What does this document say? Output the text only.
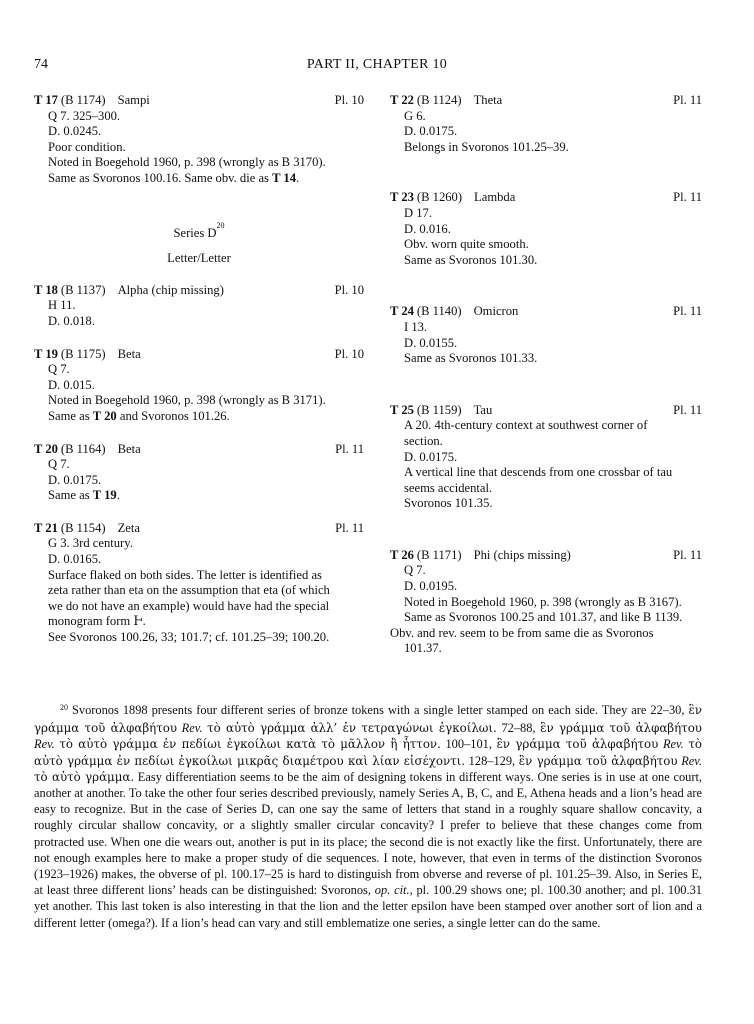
74	PART II, CHAPTER 10
T 17 (B 1174) Sampi	Pl. 10
Q 7. 325–300.
D. 0.0245.
Poor condition.
Noted in Boegehold 1960, p. 398 (wrongly as B 3170).
Same as Svoronos 100.16. Same obv. die as T 14.
Series $D^{20}$
Letter/Letter
T 18 (B 1137) Alpha (chip missing)	Pl. 10
H 11.
D. 0.018.
T 19 (B 1175) Beta	Pl. 10
Q 7.
D. 0.015.
Noted in Boegehold 1960, p. 398 (wrongly as B 3171).
Same as T 20 and Svoronos 101.26.
T 20 (B 1164) Beta	Pl. 11
Q 7.
D. 0.0175.
Same as T 19.
T 21 (B 1154) Zeta	Pl. 11
G 3. 3rd century.
D. 0.0165.
Surface flaked on both sides. The letter is identified as
zeta rather than eta on the assumption that eta (of which
we do not have an example) would have had the special
monogram form Ͱ.
See Svoronos 100.26, 33; 101.7; cf. 101.25–39; 100.20.
T 22 (B 1124) Theta	Pl. 11
G 6.
D. 0.0175.
Belongs in Svoronos 101.25–39.
T 23 (B 1260) Lambda	Pl. 11
D 17.
D. 0.016.
Obv. worn quite smooth.
Same as Svoronos 101.30.
T 24 (B 1140) Omicron	Pl. 11
I 13.
D. 0.0155.
Same as Svoronos 101.33.
T 25 (B 1159) Tau	Pl. 11
A 20. 4th-century context at southwest corner of
section.
D. 0.0175.
A vertical line that descends from one crossbar of tau
seems accidental.
Svoronos 101.35.
T 26 (B 1171) Phi (chips missing)	Pl. 11
Q 7.
D. 0.0195.
Noted in Boegehold 1960, p. 398 (wrongly as B 3167).
Same as Svoronos 100.25 and 101.37, and like B 1139.
Obv. and rev. seem to be from same die as Svoronos
101.37.

$^{20}$ Svoronos 1898 presents four different series of bronze tokens with a single letter stamped on each side. They are 22–30, ἓν γράμμα τοῦ ἀλφαβήτου Rev. τὸ αὐτὸ γράμμα ἀλλ’ ἐν τετραγώνωι ἐγκοίλωι. 72–88, ἓν γράμμα τοῦ ἀλφαβήτου Rev. τὸ αὐτὸ γράμμα ἐν πεδίωι ἐγκοίλωι κατὰ τὸ μᾶλλον ἢ ἧττον. 100–101, ἓν γράμμα τοῦ ἀλφαβήτου Rev. τὸ αὐτὸ γράμμα ἐν πεδίωι ἐγκοίλωι μικρᾶς διαμέτρου καὶ λίαν εἰσέχοντι. 128–129, ἓν γράμμα τοῦ ἀλφαβήτου Rev. τὸ αὐτὸ γράμμα. Easy differentiation seems to be the aim of designing tokens in different ways. One series is in use at one court, another at another. To take the other four series described previously, namely Series A, B, C, and E, Athena heads and a lion’s head are easy to recognize. But in the case of Series D, can one say the same of letters that stand in a roughly square shallow concavity, a roughly circular shallow concavity, or a slightly smaller circular concavity? I prefer to believe that these changes come from protracted use. When one die wears out, another is put in its place; the second die is not exactly like the first. Unfortunately, there are not enough examples here to make a proper study of die sequences. I note, however, that even in terms of the distinction Svoronos (1923–1926) makes, the obverse of pl. 100.17–25 is hard to distinguish from obverse and reverse of pl. 101.25–39. Also, in Series E, at least three different lions’ heads can be distinguished: Svoronos, op. cit., pl. 100.29 shows one; pl. 100.30 another; and pl. 100.31 yet another. This last token is also interesting in that the lion and the letter epsilon have been stamped over another sort of lion and a different letter (omega?). If a lion’s head can vary and still emblematize one series, a single letter can do the same.
